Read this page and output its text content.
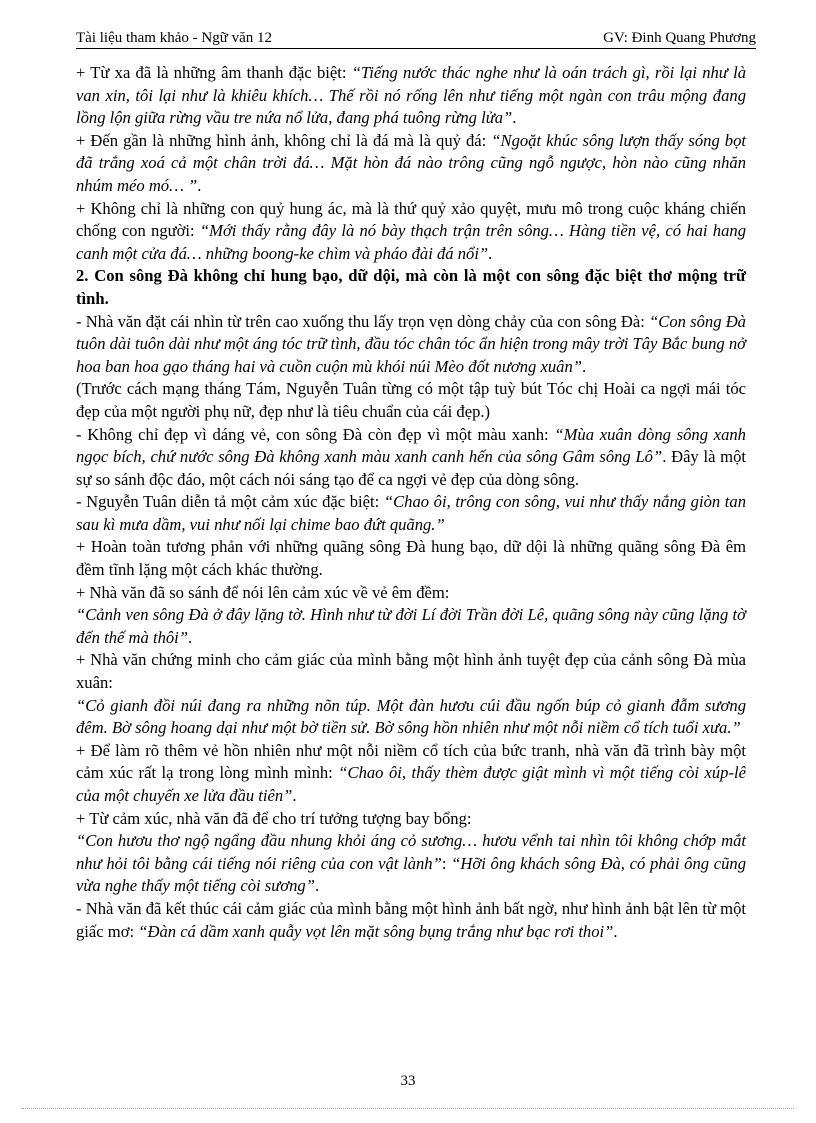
Tài liệu tham khảo - Ngữ văn 12	GV: Đinh Quang Phương

+ Từ xa đã là những âm thanh đặc biệt: “Tiếng nước thác nghe như là oán trách gì, rồi lại như là van xin, tôi lại như là khiêu khích… Thế rồi nó rống lên như tiếng một ngàn con trâu mộng đang lồng lộn giữa rừng vầu tre nứa nổ lửa, đang phá tuông rừng lửa”.

+ Đến gần là những hình ảnh, không chỉ là đá mà là quỷ đá: “Ngoặt khúc sông lượn thấy sóng bọt đã trắng xoá cả một chân trời đá… Mặt hòn đá nào trông cũng ngỗ ngược, hòn nào cũng nhăn nhúm méo mó… ”.

+ Không chỉ là những con quỷ hung ác, mà là thứ quỷ xảo quyệt, mưu mô trong cuộc kháng chiến chống con người: “Mới thấy rằng đây là nó bày thạch trận trên sông… Hàng tiền vệ, có hai hang canh một cửa đá… những boong-ke chìm và pháo đài đá nổi”.

2. Con sông Đà không chỉ hung bạo, dữ dội, mà còn là một con sông đặc biệt thơ mộng trữ tình.

- Nhà văn đặt cái nhìn từ trên cao xuống thu lấy trọn vẹn dòng chảy của con sông Đà: “Con sông Đà tuôn dài tuôn dài như một áng tóc trữ tình, đầu tóc chân tóc ẩn hiện trong mây trời Tây Bắc bung nở hoa ban hoa gạo tháng hai và cuồn cuộn mù khói núi Mèo đốt nương xuân”.

(Trước cách mạng tháng Tám, Nguyễn Tuân từng có một tập tuỳ bút Tóc chị Hoài ca ngợi mái tóc đẹp của một người phụ nữ, đẹp như là tiêu chuẩn của cái đẹp.)

- Không chỉ đẹp vì dáng vẻ, con sông Đà còn đẹp vì một màu xanh: “Mùa xuân dòng sông xanh ngọc bích, chứ nước sông Đà không xanh màu xanh canh hến của sông Gâm sông Lô”. Đây là một sự so sánh độc đáo, một cách nói sáng tạo để ca ngợi vẻ đẹp của dòng sông.

- Nguyễn Tuân diễn tả một cảm xúc đặc biệt: “Chao ôi, trông con sông, vui như thấy nắng giòn tan sau kì mưa dầm, vui như nối lại chime bao đứt quãng.”

+ Hoàn toàn tương phản với những quãng sông Đà hung bạo, dữ dội là những quãng sông Đà êm đềm tĩnh lặng một cách khác thường.

+ Nhà văn đã so sánh để nói lên cảm xúc về vẻ êm đềm:

“Cảnh ven sông Đà ở đây lặng tờ. Hình như từ đời Lí đời Trần đời Lê, quãng sông này cũng lặng tờ đến thế mà thôi”.

+ Nhà văn chứng minh cho cảm giác của mình bằng một hình ảnh tuyệt đẹp của cảnh sông Đà mùa xuân:

“Cỏ gianh đồi núi đang ra những nõn túp. Một đàn hươu cúi đầu ngốn búp cỏ gianh đẫm sương đêm. Bờ sông hoang dại như một bờ tiền sử. Bờ sông hồn nhiên như một nỗi niềm cổ tích tuổi xưa.”

+ Để làm rõ thêm vẻ hồn nhiên như một nỗi niềm cổ tích của bức tranh, nhà văn đã trình bày một cảm xúc rất lạ trong lòng mình mình: “Chao ôi, thấy thèm được giật mình vì một tiếng còi xúp-lê của một chuyến xe lửa đầu tiên”.

+ Từ cảm xúc, nhà văn đã để cho trí tưởng tượng bay bổng:

“Con hươu thơ ngộ ngẩng đầu nhung khỏi áng cỏ sương… hươu vểnh tai nhìn tôi không chớp mắt như hỏi tôi bằng cái tiếng nói riêng của con vật lành”: “Hỡi ông khách sông Đà, có phải ông cũng vừa nghe thấy một tiếng còi sương”.

- Nhà văn đã kết thúc cái cảm giác của mình bằng một hình ảnh bất ngờ, như hình ảnh bật lên từ một giấc mơ: “Đàn cá dầm xanh quẫy vọt lên mặt sông bụng trắng như bạc rơi thoi”.

33
